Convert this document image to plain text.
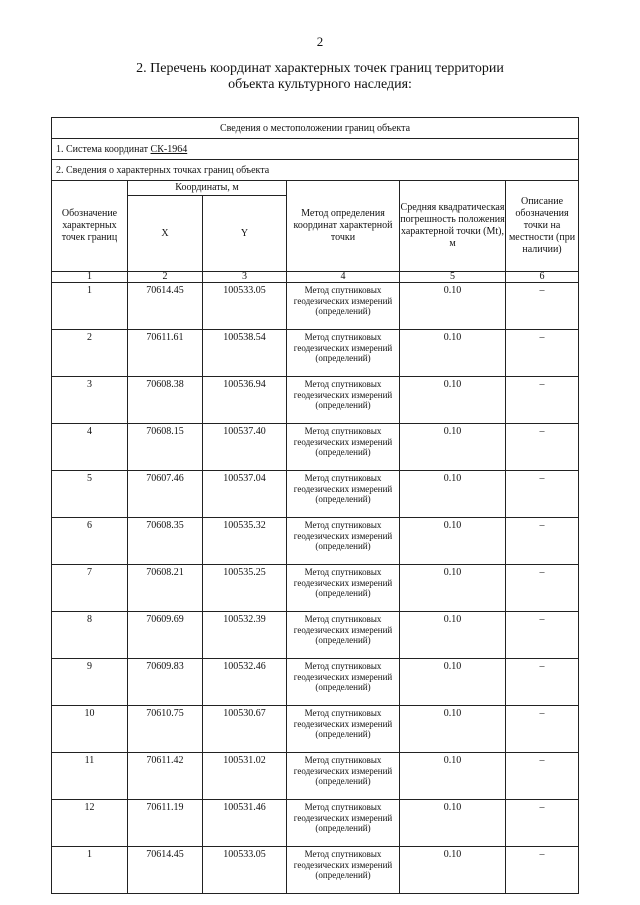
2
2. Перечень координат характерных точек границ территории
объекта культурного наследия:
Сведения о местоположении границ объекта					
1. Система координат СК-1964					
2. Сведения о характерных точках границ объекта					
Обозначение характерных точек границ	Координаты, м		Метод определения координат характерной точки	Средняя квадратическая погрешность положения характерной точки (Mt), м	Описание обозначения точки на местности (при наличии)
	X	Y			
1	2	3	4	5	6
1	70614.45	100533.05	Метод спутниковых геодезических измерений (определений)	0.10	–
2	70611.61	100538.54	Метод спутниковых геодезических измерений (определений)	0.10	–
3	70608.38	100536.94	Метод спутниковых геодезических измерений (определений)	0.10	–
4	70608.15	100537.40	Метод спутниковых геодезических измерений (определений)	0.10	–
5	70607.46	100537.04	Метод спутниковых геодезических измерений (определений)	0.10	–
6	70608.35	100535.32	Метод спутниковых геодезических измерений (определений)	0.10	–
7	70608.21	100535.25	Метод спутниковых геодезических измерений (определений)	0.10	–
8	70609.69	100532.39	Метод спутниковых геодезических измерений (определений)	0.10	–
9	70609.83	100532.46	Метод спутниковых геодезических измерений (определений)	0.10	–
10	70610.75	100530.67	Метод спутниковых геодезических измерений (определений)	0.10	–
11	70611.42	100531.02	Метод спутниковых геодезических измерений (определений)	0.10	–
12	70611.19	100531.46	Метод спутниковых геодезических измерений (определений)	0.10	–
1	70614.45	100533.05	Метод спутниковых геодезических измерений (определений)	0.10	–
